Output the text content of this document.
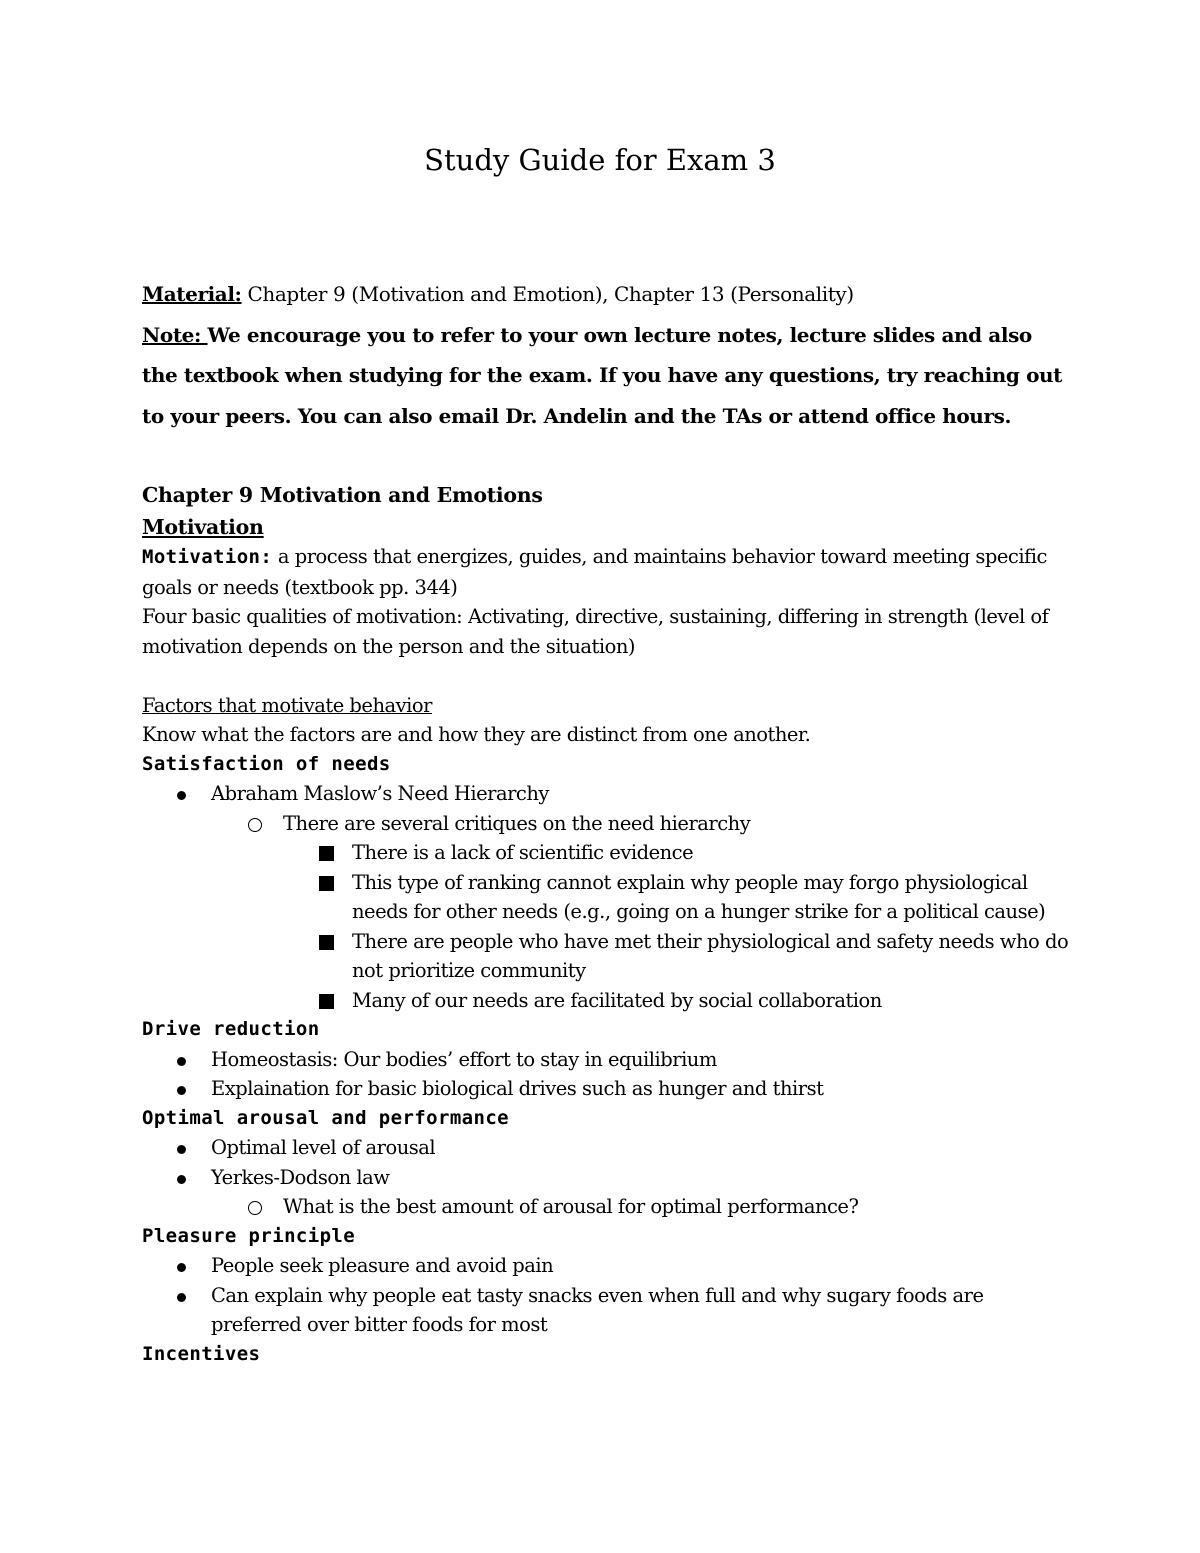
Study Guide for Exam 3

Material: Chapter 9 (Motivation and Emotion), Chapter 13 (Personality)

Note: We encourage you to refer to your own lecture notes, lecture slides and also the textbook when studying for the exam. If you have any questions, try reaching out to your peers. You can also email Dr. Andelin and the TAs or attend office hours.

Chapter 9 Motivation and Emotions
Motivation
Motivation: a process that energizes, guides, and maintains behavior toward meeting specific goals or needs (textbook pp. 344)
Four basic qualities of motivation: Activating, directive, sustaining, differing in strength (level of motivation depends on the person and the situation)
Factors that motivate behavior
Know what the factors are and how they are distinct from one another.
Satisfaction of needs
Abraham Maslow’s Need Hierarchy
There are several critiques on the need hierarchy
There is a lack of scientific evidence
This type of ranking cannot explain why people may forgo physiological needs for other needs (e.g., going on a hunger strike for a political cause)
There are people who have met their physiological and safety needs who do not prioritize community
Many of our needs are facilitated by social collaboration
Drive reduction
Homeostasis: Our bodies’ effort to stay in equilibrium
Explaination for basic biological drives such as hunger and thirst
Optimal arousal and performance
Optimal level of arousal
Yerkes-Dodson law
What is the best amount of arousal for optimal performance?
Pleasure principle
People seek pleasure and avoid pain
Can explain why people eat tasty snacks even when full and why sugary foods are preferred over bitter foods for most
Incentives
